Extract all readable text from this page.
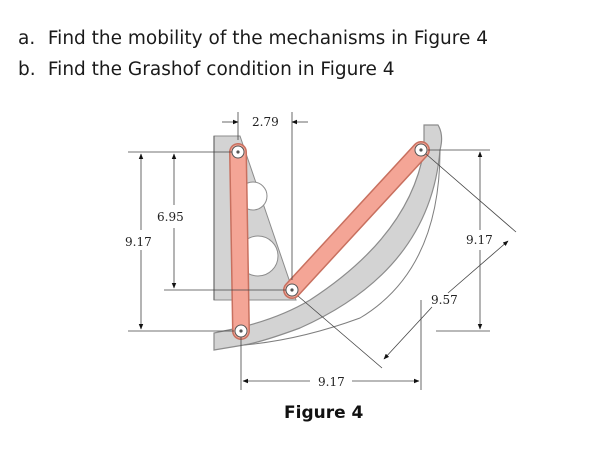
a. Find the mobility of the mechanisms in Figure 4
b. Find the Grashof condition in Figure 4
2.79
9.17
6.95
9.17
9.57
9.17
Figure 4
